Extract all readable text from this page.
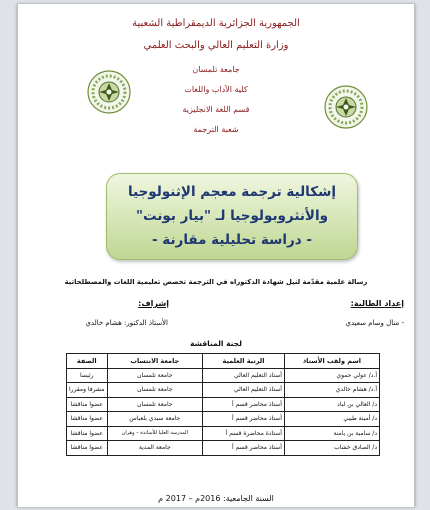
الجمهورية الجزائرية الديمقراطية الشعبية
وزارة التعليم العالي والبحث العلمي
جامعة تلمسان
كلية الآداب واللغات
قسم اللغة الانجليزية
شعبة الترجمة
إشكالية ترجمة معجم الإثنولوجيا
والأنثروبولوجيا لـ "بيار بونت"
- دراسة تحليلية مقارنة -
رسالة علمية مقدّمة لنيل شهادة الدكتوراه في الترجمة تخصص تعليمية اللغات والمصطلحاتية
إعداد الطالبة:
إشراف:
- منال وسام سعيدي
الأستاذ الدكتور: هشام خالدي
لجنة المناقشة
اسم ولقب الأستاذ	الرتبة العلمية	جامعة الانتساب	الصفة
أ.د/ عولي حموي	أستاذ التعليم العالي	جامعة تلمسان	رئيسا
أ.د/ هشام خالدي	أستاذ التعليم العالي	جامعة تلمسان	مشرفا ومقررا
د/ العالي بن لباد	أستاذ محاضر قسم أ	جامعة تلمسان	عضوا مناقشا
د/ أمينة طيبي	أستاذ محاضر قسم أ	جامعة سيدي بلعباس	عضوا مناقشا
د/ سامية بن يامنة	أستاذة محاضرة قسم أ	المدرسة العليا للأساتذة – وهران	عضوا مناقشا
د/ الصادق خشاب	أستاذ محاضر قسم أ	جامعة المدية	عضوا مناقشا
السنة الجامعية: 2016م – 2017 م
